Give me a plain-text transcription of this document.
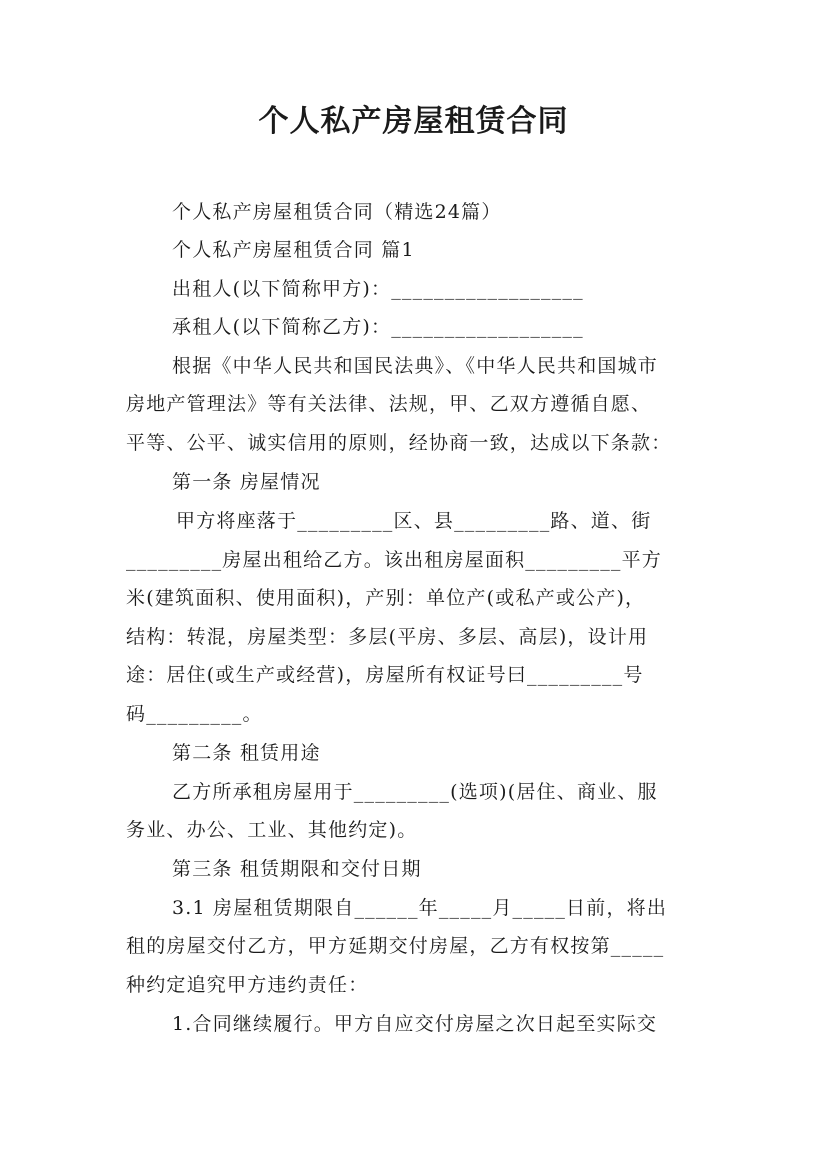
个人私产房屋租赁合同
个人私产房屋租赁合同（精选24篇）
个人私产房屋租赁合同 篇1
出租人(以下简称甲方)：__________________
承租人(以下简称乙方)：__________________
根据《中华人民共和国民法典》、《中华人民共和国城市
房地产管理法》等有关法律、法规，甲、乙双方遵循自愿、
平等、公平、诚实信用的原则，经协商一致，达成以下条款：
第一条 房屋情况
甲方将座落于_________区、县_________路、道、街
_________房屋出租给乙方。该出租房屋面积_________平方
米(建筑面积、使用面积)，产别：单位产(或私产或公产)，
结构：转混，房屋类型：多层(平房、多层、高层)，设计用
途：居住(或生产或经营)，房屋所有权证号曰_________号
码_________。
第二条 租赁用途
乙方所承租房屋用于_________(选项)(居住、商业、服
务业、办公、工业、其他约定)。
第三条 租赁期限和交付日期
3.1 房屋租赁期限自______年_____月_____日前，将出
租的房屋交付乙方，甲方延期交付房屋，乙方有权按第_____
种约定追究甲方违约责任：
1.合同继续履行。甲方自应交付房屋之次日起至实际交
